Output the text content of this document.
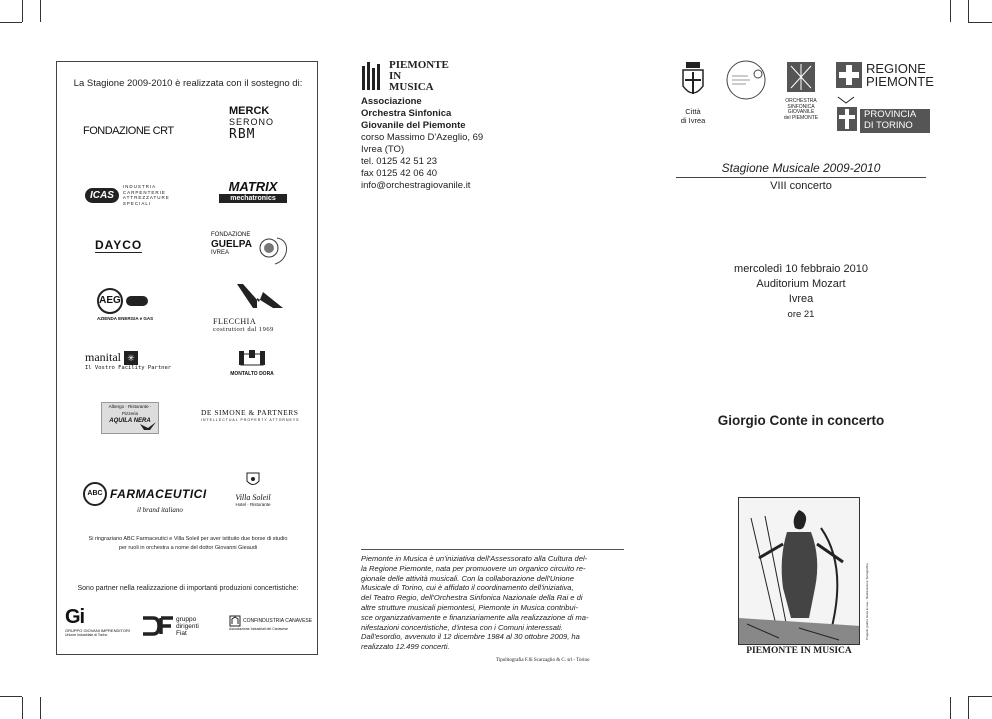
La Stagione 2009-2010 è realizzata con il sostegno di:
FONDAZIONE CRT
MERCK
SERONO
RBM
ICAS
INDUSTRIA CARPENTERIE ATTREZZATURE SPECIALI
MATRIX
mechatronics
DAYCO
FONDAZIONE
GUELPA
IVREA
AEG
AZIENDA ENERGIA e GAS	FLECCHIA
costruttori dal 1969
manital ✳
Il Vostro Facility Partner
MONTALTO DORA
Albergo · Ristorante · Pizzeria
AQUILA NERA
DE SIMONE & PARTNERS
INTELLECTUAL PROPERTY ATTORNEYS
ABC FARMACEUTICI
il brand italiano
Villa Soleil
Hotel · Ristorante
Si ringraziano ABC Farmaceutici e Villa Soleil per aver istituito due borse di studio
per ruoli in orchestra a nome del dottor Giovanni Gieaudi
Sono partner nella realizzazione di importanti produzioni concertistiche:
Gi
GRUPPO GIOVANI IMPRENDITORI
Unione Industriale di Torino
gruppo
dirigenti
Fiat
CONFINDUSTRIA CANAVESE
Associazione Industriali del Canavese
PIEMONTE
IN
MUSICA
Associazione
Orchestra Sinfonica
Giovanile del Piemonte
corso Massimo D'Azeglio, 69
Ivrea (TO)
tel. 0125 42 51 23
fax 0125 42 06 40
info@orchestragiovanile.it
Piemonte in Musica è un'iniziativa dell'Assessorato alla Cultura del-
la Regione Piemonte, nata per promuovere un organico circuito re-
gionale delle attività musicali. Con la collaborazione dell'Unione
Musicale di Torino, cui è affidato il coordinamento dell'iniziativa,
del Teatro Regio, dell'Orchestra Sinfonica Nazionale della Rai e di
altre strutture musicali piemontesi, Piemonte in Musica contribui-
sce organizzativamente e finanziariamente alla realizzazione di ma-
nifestazioni concertistiche, d'intesa con i Comuni interessati.
Dall'esordio, avvenuto il 12 dicembre 1984 al 30 ottobre 2009, ha
realizzato 12.499 concerti.
Tipolitografia F.lli Scarzaglio & C. srl - Torino
Città
di Ivrea
ORCHESTRA
SINFONICA
GIOVANILE
del PIEMONTE
REGIONE
PIEMONTE
PROVINCIA
DI TORINO
Stagione Musicale 2009-2010
VIII concerto
mercoledì 10 febbraio 2010
Auditorium Mozart
Ivrea
ore 21
Giorgio Conte in concerto
Progetto grafico Gioia & Lisa - Realizzazione Tentagrafica
PIEMONTE IN MUSICA
